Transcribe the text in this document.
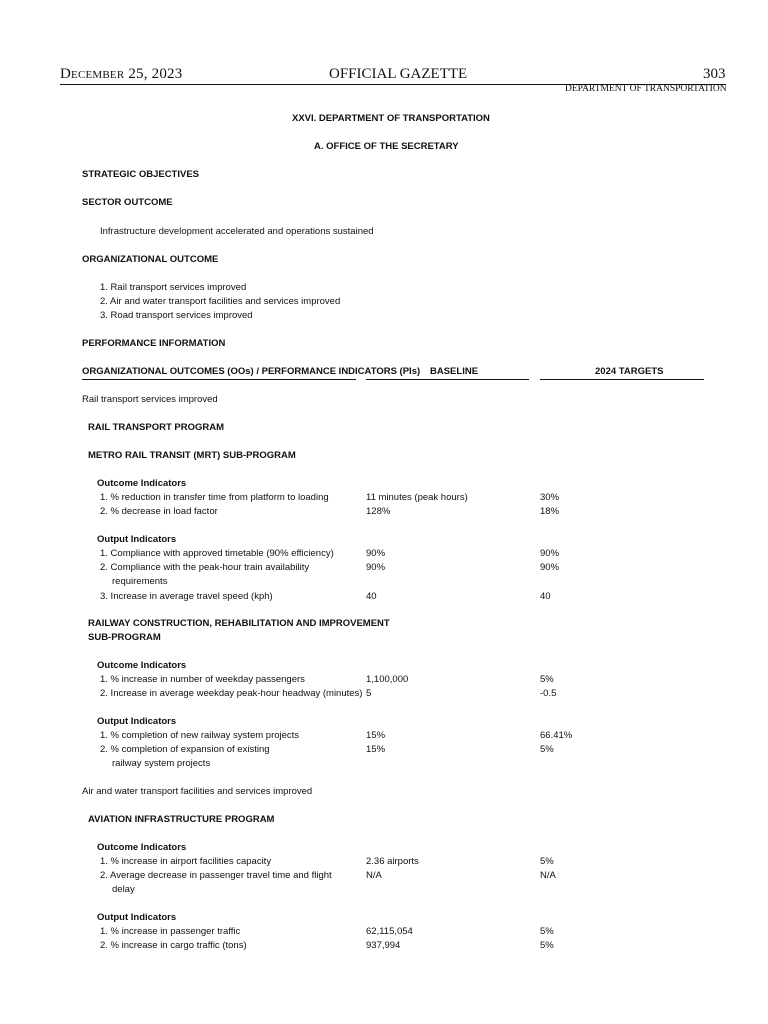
December 25, 2023	OFFICIAL GAZETTE	303
DEPARTMENT OF TRANSPORTATION
XXVI. DEPARTMENT OF TRANSPORTATION
A. OFFICE OF THE SECRETARY
STRATEGIC OBJECTIVES
SECTOR OUTCOME
Infrastructure development accelerated and operations sustained
ORGANIZATIONAL OUTCOME
1. Rail transport services improved
2. Air and water transport facilities and services improved
3. Road transport services improved
PERFORMANCE INFORMATION
ORGANIZATIONAL OUTCOMES (OOs) / PERFORMANCE INDICATORS (PIs) BASELINE	2024 TARGETS
Rail transport services improved
RAIL TRANSPORT PROGRAM
METRO RAIL TRANSIT (MRT) SUB-PROGRAM
Outcome Indicators
1. % reduction in transfer time from platform to loading	11 minutes (peak hours)	30%
2. % decrease in load factor	128%	18%
Output Indicators
1. Compliance with approved timetable (90% efficiency)	90%	90%
2. Compliance with the peak-hour train availability
requirements
90%	90%
3. Increase in average travel speed (kph)	40	40
RAILWAY CONSTRUCTION, REHABILITATION AND IMPROVEMENT
SUB-PROGRAM
Outcome Indicators
1. % increase in number of weekday passengers	1,100,000	5%
2. Increase in average weekday peak-hour headway (minutes) 5	-0.5
Output Indicators
1. % completion of new railway system projects	15%	66.41%
2. % completion of expansion of existing
railway system projects
15%	5%
Air and water transport facilities and services improved
AVIATION INFRASTRUCTURE PROGRAM
Outcome Indicators
1. % increase in airport facilities capacity	2.36 airports	5%
2. Average decrease in passenger travel time and flight
delay
N/A	N/A
Output Indicators
1. % increase in passenger traffic	62,115,054	5%
2. % increase in cargo traffic (tons)	937,994	5%
